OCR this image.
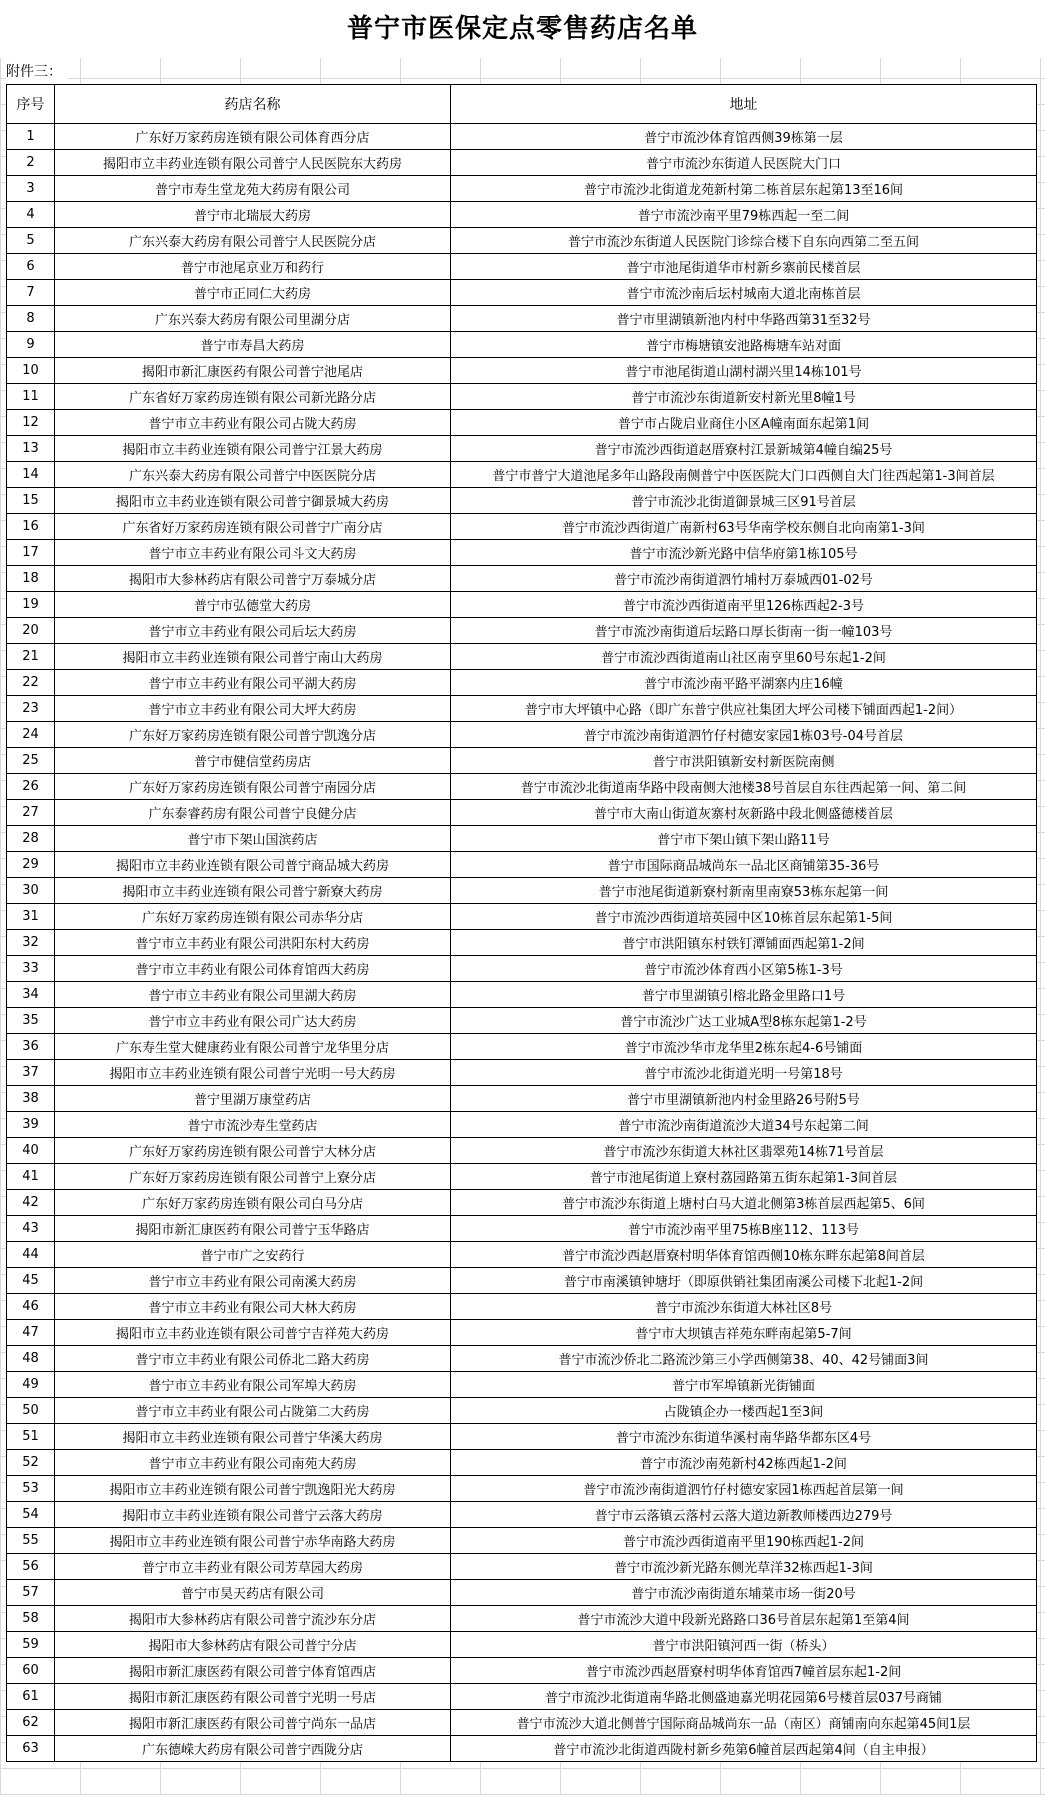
普宁市医保定点零售药店名单
附件三：
序号	药店名称	地址
1	广东好万家药房连锁有限公司体育西分店	普宁市流沙体育馆西侧39栋第一层
2	揭阳市立丰药业连锁有限公司普宁人民医院东大药房	普宁市流沙东街道人民医院大门口
3	普宁市寿生堂龙苑大药房有限公司	普宁市流沙北街道龙苑新村第二栋首层东起第13至16间
4	普宁市北瑞辰大药房	普宁市流沙南平里79栋西起一至二间
5	广东兴泰大药房有限公司普宁人民医院分店	普宁市流沙东街道人民医院门诊综合楼下自东向西第二至五间
6	普宁市池尾京业万和药行	普宁市池尾街道华市村新乡寨前民楼首层
7	普宁市正同仁大药房	普宁市流沙南后坛村城南大道北南栋首层
8	广东兴泰大药房有限公司里湖分店	普宁市里湖镇新池内村中华路西第31至32号
9	普宁市寿昌大药房	普宁市梅塘镇安池路梅塘车站对面
10	揭阳市新汇康医药有限公司普宁池尾店	普宁市池尾街道山湖村湖兴里14栋101号
11	广东省好万家药房连锁有限公司新光路分店	普宁市流沙东街道新安村新光里8幢1号
12	普宁市立丰药业有限公司占陇大药房	普宁市占陇启业商住小区A幢南面东起第1间
13	揭阳市立丰药业连锁有限公司普宁江景大药房	普宁市流沙西街道赵厝寮村江景新城第4幢自编25号
14	广东兴泰大药房有限公司普宁中医医院分店	普宁市普宁大道池尾多年山路段南侧普宁中医医院大门口西侧自大门往西起第1-3间首层
15	揭阳市立丰药业连锁有限公司普宁御景城大药房	普宁市流沙北街道御景城三区91号首层
16	广东省好万家药房连锁有限公司普宁广南分店	普宁市流沙西街道广南新村63号华南学校东侧自北向南第1-3间
17	普宁市立丰药业有限公司斗文大药房	普宁市流沙新光路中信华府第1栋105号
18	揭阳市大参林药店有限公司普宁万泰城分店	普宁市流沙南街道泗竹埔村万泰城西01-02号
19	普宁市弘德堂大药房	普宁市流沙西街道南平里126栋西起2-3号
20	普宁市立丰药业有限公司后坛大药房	普宁市流沙南街道后坛路口厚长街南一街一幢103号
21	揭阳市立丰药业连锁有限公司普宁南山大药房	普宁市流沙西街道南山社区南亨里60号东起1-2间
22	普宁市立丰药业有限公司平湖大药房	普宁市流沙南平路平湖寨内庄16幢
23	普宁市立丰药业有限公司大坪大药房	普宁市大坪镇中心路（即广东普宁供应社集团大坪公司楼下铺面西起1-2间）
24	广东好万家药房连锁有限公司普宁凯逸分店	普宁市流沙南街道泗竹仔村德安家园1栋03号-04号首层
25	普宁市健信堂药房店	普宁市洪阳镇新安村新医院南侧
26	广东好万家药房连锁有限公司普宁南园分店	普宁市流沙北街道南华路中段南侧大池楼38号首层自东往西起第一间、第二间
27	广东泰睿药房有限公司普宁良健分店	普宁市大南山街道灰寨村灰新路中段北侧盛德楼首层
28	普宁市下架山国滨药店	普宁市下架山镇下架山路11号
29	揭阳市立丰药业连锁有限公司普宁商品城大药房	普宁市国际商品城尚东一品北区商铺第35-36号
30	揭阳市立丰药业连锁有限公司普宁新寮大药房	普宁市池尾街道新寮村新南里南寮53栋东起第一间
31	广东好万家药房连锁有限公司赤华分店	普宁市流沙西街道培英园中区10栋首层东起第1-5间
32	普宁市立丰药业有限公司洪阳东村大药房	普宁市洪阳镇东村铁钉潭铺面西起第1-2间
33	普宁市立丰药业有限公司体育馆西大药房	普宁市流沙体育西小区第5栋1-3号
34	普宁市立丰药业有限公司里湖大药房	普宁市里湖镇引榕北路金里路口1号
35	普宁市立丰药业有限公司广达大药房	普宁市流沙广达工业城A型8栋东起第1-2号
36	广东寿生堂大健康药业有限公司普宁龙华里分店	普宁市流沙华市龙华里2栋东起4-6号铺面
37	揭阳市立丰药业连锁有限公司普宁光明一号大药房	普宁市流沙北街道光明一号第18号
38	普宁里湖万康堂药店	普宁市里湖镇新池内村金里路26号附5号
39	普宁市流沙寿生堂药店	普宁市流沙南街道流沙大道34号东起第二间
40	广东好万家药房连锁有限公司普宁大林分店	普宁市流沙东街道大林社区翡翠苑14栋71号首层
41	广东好万家药房连锁有限公司普宁上寮分店	普宁市池尾街道上寮村荔园路第五街东起第1-3间首层
42	广东好万家药房连锁有限公司白马分店	普宁市流沙东街道上塘村白马大道北侧第3栋首层西起第5、6间
43	揭阳市新汇康医药有限公司普宁玉华路店	普宁市流沙南平里75栋B座112、113号
44	普宁市广之安药行	普宁市流沙西赵厝寮村明华体育馆西侧10栋东畔东起第8间首层
45	普宁市立丰药业有限公司南溪大药房	普宁市南溪镇钟塘圩（即原供销社集团南溪公司楼下北起1-2间
46	普宁市立丰药业有限公司大林大药房	普宁市流沙东街道大林社区8号
47	揭阳市立丰药业连锁有限公司普宁吉祥苑大药房	普宁市大坝镇吉祥苑东畔南起第5-7间
48	普宁市立丰药业有限公司侨北二路大药房	普宁市流沙侨北二路流沙第三小学西侧第38、40、42号铺面3间
49	普宁市立丰药业有限公司军埠大药房	普宁市军埠镇新光街铺面
50	普宁市立丰药业有限公司占陇第二大药房	占陇镇企办一楼西起1至3间
51	揭阳市立丰药业连锁有限公司普宁华溪大药房	普宁市流沙东街道华溪村南华路华都东区4号
52	普宁市立丰药业有限公司南苑大药房	普宁市流沙南苑新村42栋西起1-2间
53	揭阳市立丰药业连锁有限公司普宁凯逸阳光大药房	普宁市流沙南街道泗竹仔村德安家园1栋西起首层第一间
54	揭阳市立丰药业连锁有限公司普宁云落大药房	普宁市云落镇云落村云落大道边新教师楼西边279号
55	揭阳市立丰药业连锁有限公司普宁赤华南路大药房	普宁市流沙西街道南平里190栋西起1-2间
56	普宁市立丰药业有限公司芳草园大药房	普宁市流沙新光路东侧光草洋32栋西起1-3间
57	普宁市昊天药店有限公司	普宁市流沙南街道东埔菜市场一街20号
58	揭阳市大参林药店有限公司普宁流沙东分店	普宁市流沙大道中段新光路路口36号首层东起第1至第4间
59	揭阳市大参林药店有限公司普宁分店	普宁市洪阳镇河西一街（桥头）
60	揭阳市新汇康医药有限公司普宁体育馆西店	普宁市流沙西赵厝寮村明华体育馆西7幢首层东起1-2间
61	揭阳市新汇康医药有限公司普宁光明一号店	普宁市流沙北街道南华路北侧盛迪嘉光明花园第6号楼首层037号商铺
62	揭阳市新汇康医药有限公司普宁尚东一品店	普宁市流沙大道北侧普宁国际商品城尚东一品（南区）商铺南向东起第45间1层
63	广东德嵘大药房有限公司普宁西陇分店	普宁市流沙北街道西陇村新乡苑第6幢首层西起第4间（自主申报）
